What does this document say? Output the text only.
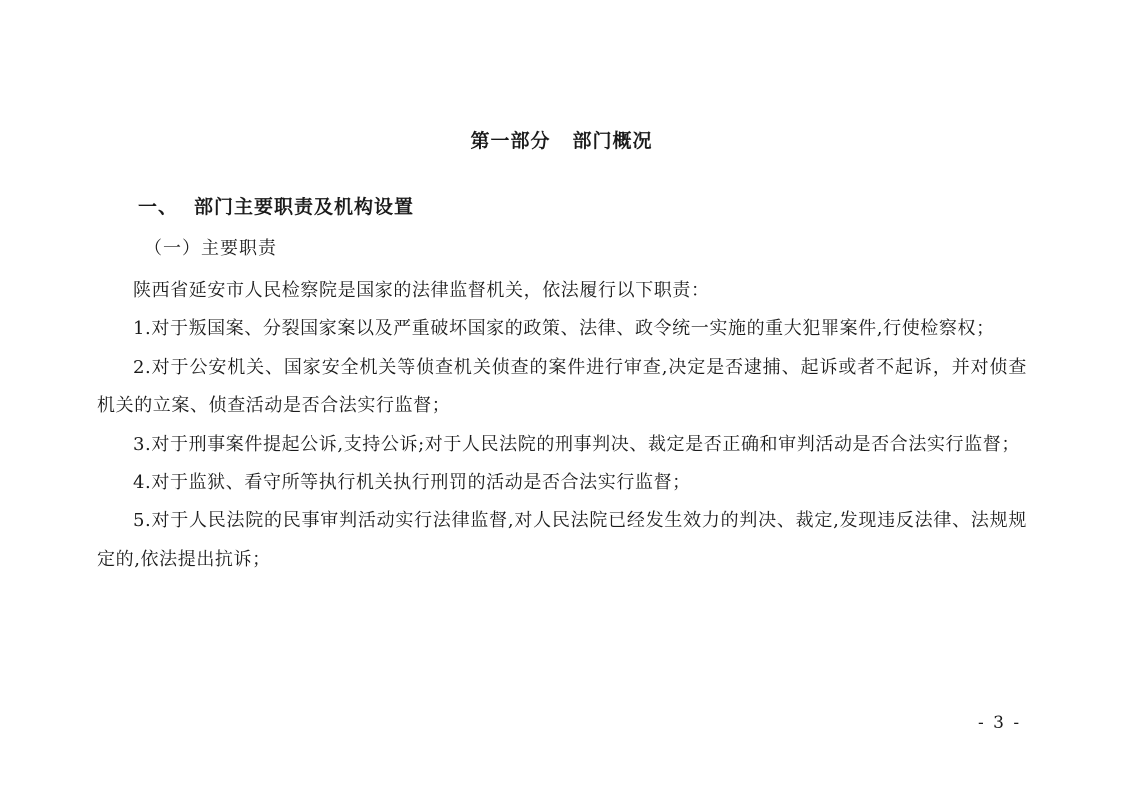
第一部分 部门概况
一、 部门主要职责及机构设置
（一）主要职责

陕西省延安市人民检察院是国家的法律监督机关，依法履行以下职责：

1.对于叛国案、分裂国家案以及严重破坏国家的政策、法律、政令统一实施的重大犯罪案件,行使检察权；

2.对于公安机关、国家安全机关等侦查机关侦查的案件进行审查,决定是否逮捕、起诉或者不起诉，并对侦查机关的立案、侦查活动是否合法实行监督；

3.对于刑事案件提起公诉,支持公诉;对于人民法院的刑事判决、裁定是否正确和审判活动是否合法实行监督；

4.对于监狱、看守所等执行机关执行刑罚的活动是否合法实行监督；

5.对于人民法院的民事审判活动实行法律监督,对人民法院已经发生效力的判决、裁定,发现违反法律、法规规定的,依法提出抗诉；

- 3 -
